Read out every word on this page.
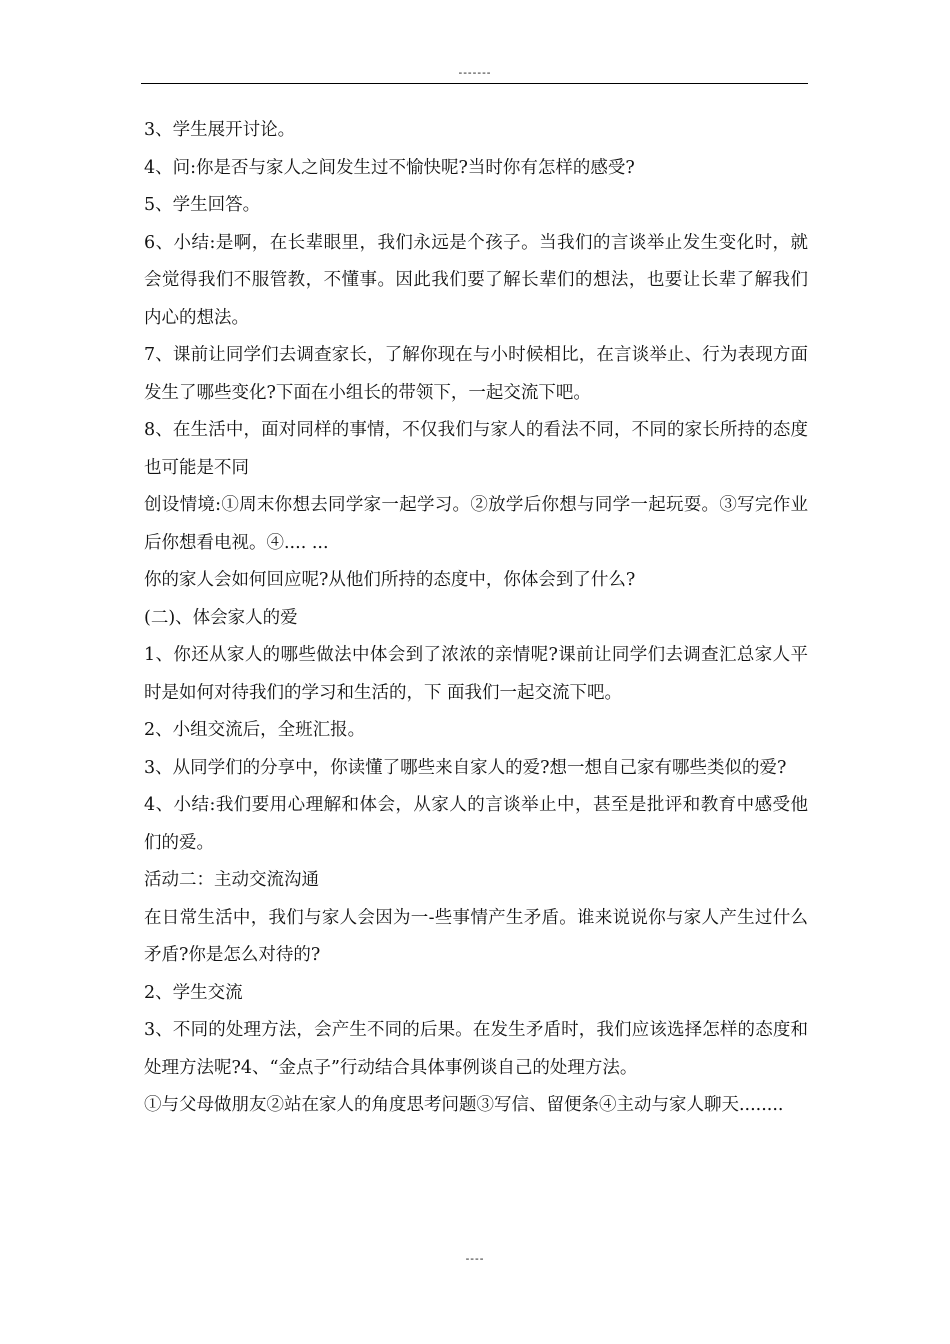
-------

3、学生展开讨论。

4、问:你是否与家人之间发生过不愉快呢?当时你有怎样的感受?

5、学生回答。

6、小结:是啊，在长辈眼里，我们永远是个孩子。当我们的言谈举止发生变化时，就会觉得我们不服管教，不懂事。因此我们要了解长辈们的想法，也要让长辈了解我们内心的想法。

7、课前让同学们去调查家长，了解你现在与小时候相比，在言谈举止、行为表现方面发生了哪些变化?下面在小组长的带领下，一起交流下吧。

8、在生活中，面对同样的事情，不仅我们与家人的看法不同，不同的家长所持的态度也可能是不同

创设情境:①周末你想去同学家一起学习。②放学后你想与同学一起玩耍。③写完作业后你想看电视。④.... ...

你的家人会如何回应呢?从他们所持的态度中，你体会到了什么?

(二)、体会家人的爱

1、你还从家人的哪些做法中体会到了浓浓的亲情呢?课前让同学们去调查汇总家人平时是如何对待我们的学习和生活的，下 面我们一起交流下吧。

2、小组交流后，全班汇报。

3、从同学们的分享中，你读懂了哪些来自家人的爱?想一想自己家有哪些类似的爱?

4、小结:我们要用心理解和体会，从家人的言谈举止中，甚至是批评和教育中感受他们的爱。

活动二：主动交流沟通

在日常生活中，我们与家人会因为一-些事情产生矛盾。谁来说说你与家人产生过什么矛盾?你是怎么对待的?

2、学生交流

3、不同的处理方法，会产生不同的后果。在发生矛盾时，我们应该选择怎样的态度和处理方法呢?4、“金点子”行动结合具体事例谈自己的处理方法。

①与父母做朋友②站在家人的角度思考问题③写信、留便条④主动与家人聊天........

----
